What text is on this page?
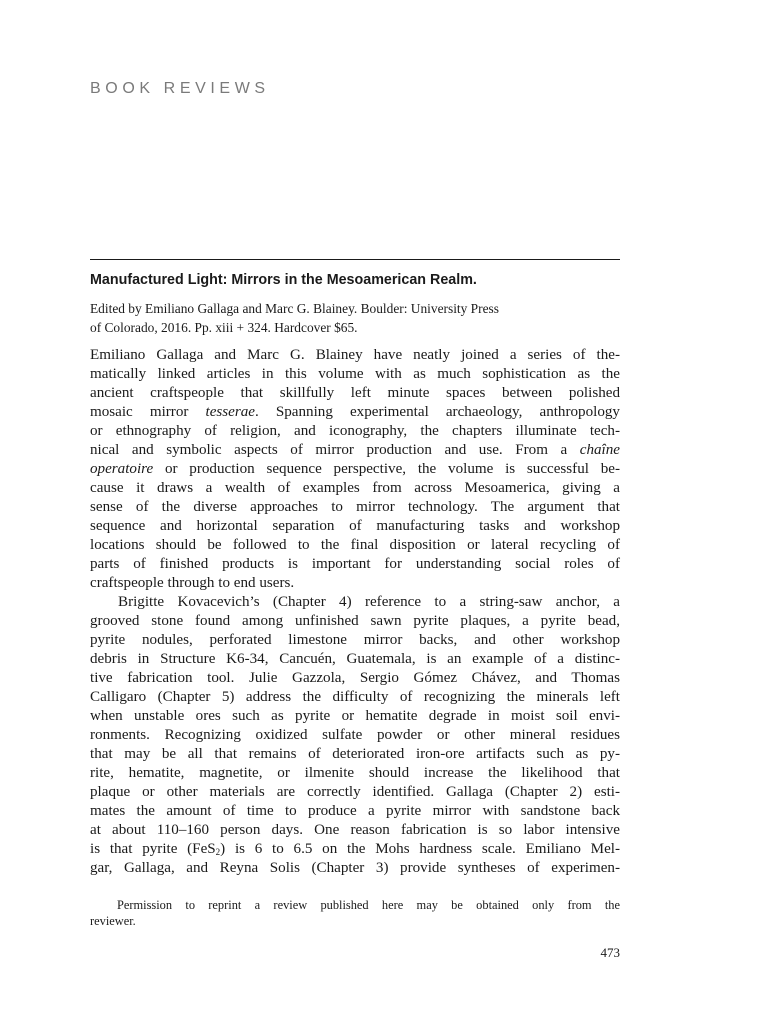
BOOK REVIEWS
Manufactured Light: Mirrors in the Mesoamerican Realm.
Edited by Emiliano Gallaga and Marc G. Blainey. Boulder: University Press
of Colorado, 2016. Pp. xiii + 324. Hardcover $65.
Emiliano Gallaga and Marc G. Blainey have neatly joined a series of the-
matically linked articles in this volume with as much sophistication as the
ancient craftspeople that skillfully left minute spaces between polished
mosaic mirror tesserae. Spanning experimental archaeology, anthropology
or ethnography of religion, and iconography, the chapters illuminate tech-
nical and symbolic aspects of mirror production and use. From a chaîne
operatoire or production sequence perspective, the volume is successful be-
cause it draws a wealth of examples from across Mesoamerica, giving a
sense of the diverse approaches to mirror technology. The argument that
sequence and horizontal separation of manufacturing tasks and workshop
locations should be followed to the final disposition or lateral recycling of
parts of finished products is important for understanding social roles of
craftspeople through to end users.
Brigitte Kovacevich’s (Chapter 4) reference to a string-saw anchor, a
grooved stone found among unfinished sawn pyrite plaques, a pyrite bead,
pyrite nodules, perforated limestone mirror backs, and other workshop
debris in Structure K6-34, Cancuén, Guatemala, is an example of a distinc-
tive fabrication tool. Julie Gazzola, Sergio Gómez Chávez, and Thomas
Calligaro (Chapter 5) address the difficulty of recognizing the minerals left
when unstable ores such as pyrite or hematite degrade in moist soil envi-
ronments. Recognizing oxidized sulfate powder or other mineral residues
that may be all that remains of deteriorated iron-ore artifacts such as py-
rite, hematite, magnetite, or ilmenite should increase the likelihood that
plaque or other materials are correctly identified. Gallaga (Chapter 2) esti-
mates the amount of time to produce a pyrite mirror with sandstone back
at about 110–160 person days. One reason fabrication is so labor intensive
is that pyrite (FeS$_2$) is 6 to 6.5 on the Mohs hardness scale. Emiliano Mel-
gar, Gallaga, and Reyna Solis (Chapter 3) provide syntheses of experimen-
Permission to reprint a review published here may be obtained only from the
reviewer.
473
